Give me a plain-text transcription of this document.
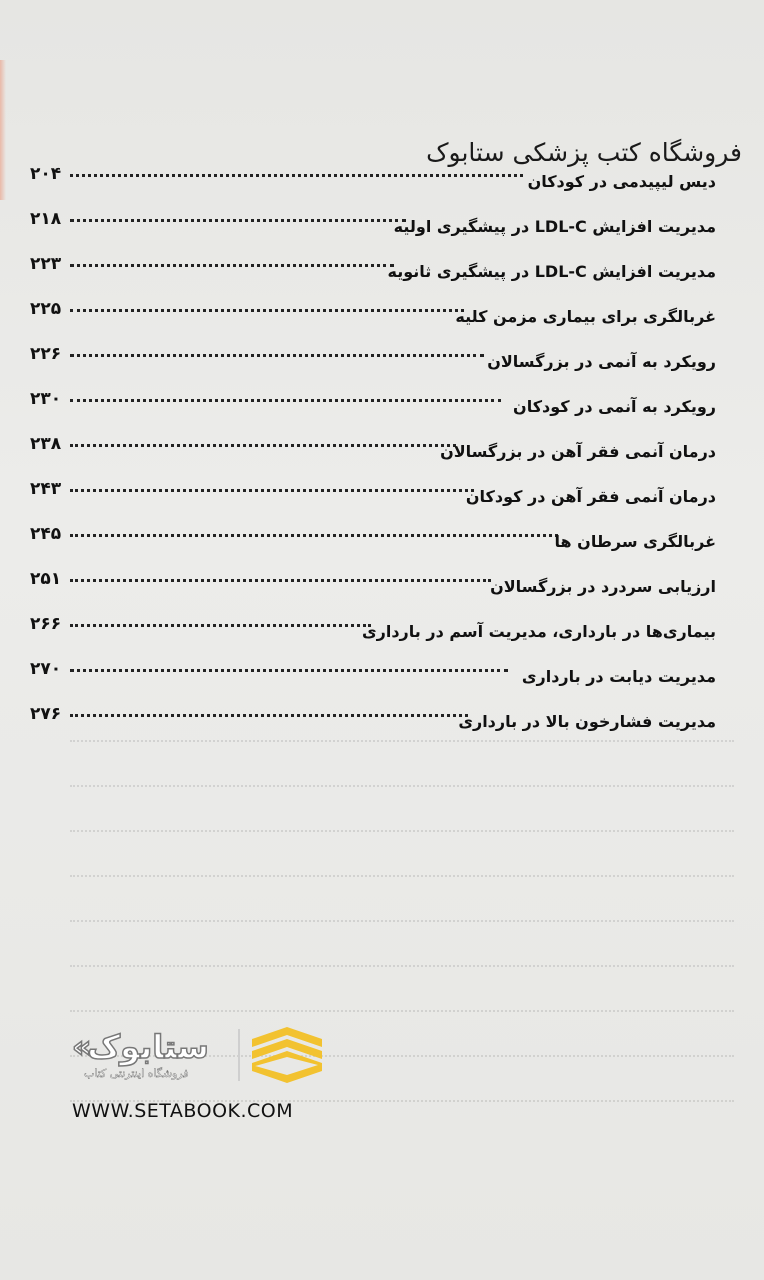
فروشگاه کتب پزشکی ستابوک
۲۰۴	دیس لیپیدمی در کودکان
۲۱۸	مدیریت افزایش LDL-C در پیشگیری اولیه
۲۲۳	مدیریت افزایش LDL-C در پیشگیری ثانویه
۲۲۵	غربالگری برای بیماری مزمن کلیه
۲۲۶	رویکرد به آنمی در بزرگسالان
۲۳۰	رویکرد به آنمی در کودکان
۲۳۸	درمان آنمی فقر آهن در بزرگسالان
۲۴۳	درمان آنمی فقر آهن در کودکان
۲۴۵	غربالگری سرطان ها
۲۵۱	ارزیابی سردرد در بزرگسالان
۲۶۶	بیماری‌ها در بارداری، مدیریت آسم در بارداری
۲۷۰	مدیریت دیابت در بارداری
۲۷۶	مدیریت فشارخون بالا در بارداری
« ستابوک
فروشگاه اینترنتی کتاب
WWW.SETABOOK.COM
